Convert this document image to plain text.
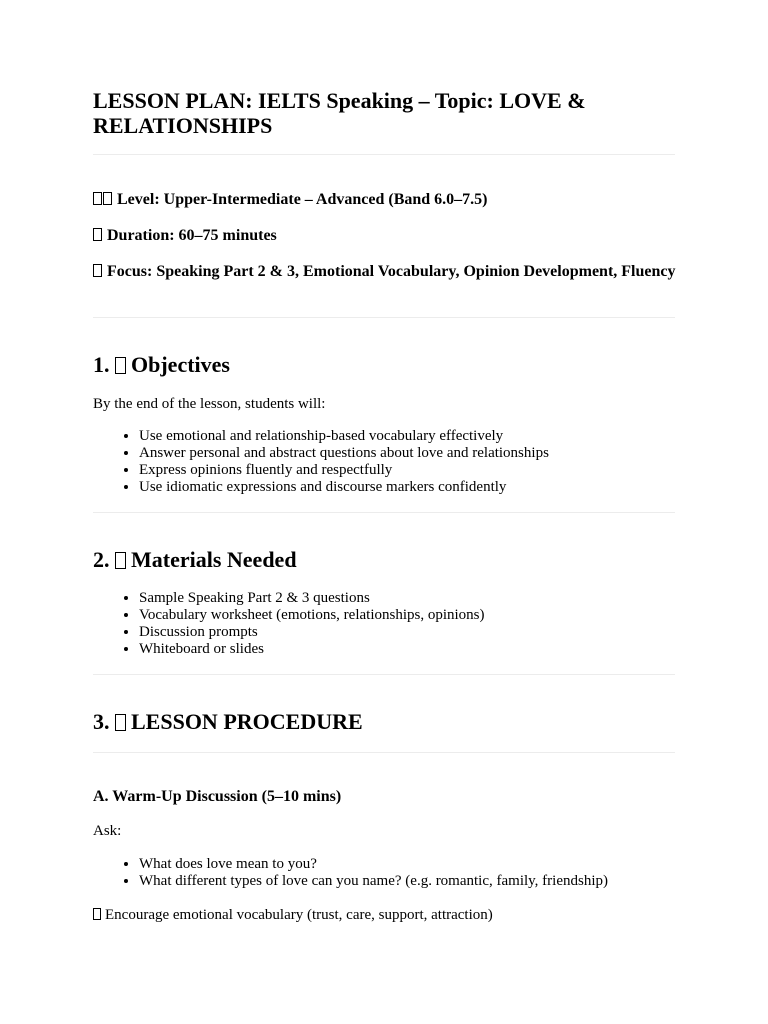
LESSON PLAN: IELTS Speaking – Topic: LOVE & RELATIONSHIPS
Level: Upper-Intermediate – Advanced (Band 6.0–7.5)
Duration: 60–75 minutes
Focus: Speaking Part 2 & 3, Emotional Vocabulary, Opinion Development, Fluency
1. Objectives
By the end of the lesson, students will:
• Use emotional and relationship-based vocabulary effectively
• Answer personal and abstract questions about love and relationships
• Express opinions fluently and respectfully
• Use idiomatic expressions and discourse markers confidently
2. Materials Needed
• Sample Speaking Part 2 & 3 questions
• Vocabulary worksheet (emotions, relationships, opinions)
• Discussion prompts
• Whiteboard or slides
3. LESSON PROCEDURE
A. Warm-Up Discussion (5–10 mins)
Ask:
• What does love mean to you?
• What different types of love can you name? (e.g. romantic, family, friendship)
Encourage emotional vocabulary (trust, care, support, attraction)
